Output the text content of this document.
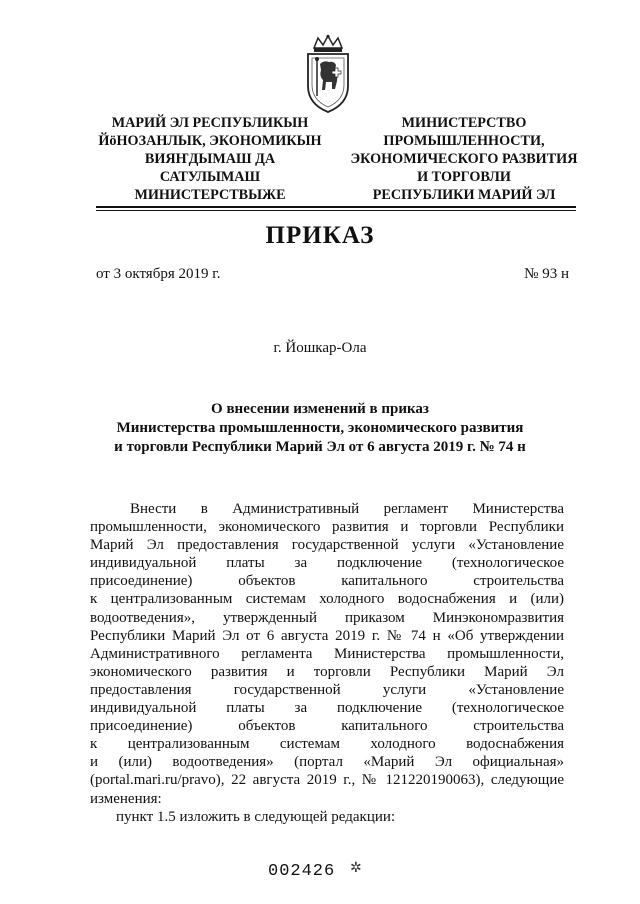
МАРИЙ ЭЛ РЕСПУБЛИКЫН
ЙӧНОЗАНЛЫК, ЭКОНОМИКЫН
ВИЯҤДЫМАШ ДА
САТУЛЫМАШ
МИНИСТЕРСТВЫЖЕ
МИНИСТЕРСТВО
ПРОМЫШЛЕННОСТИ,
ЭКОНОМИЧЕСКОГО РАЗВИТИЯ
И ТОРГОВЛИ
РЕСПУБЛИКИ МАРИЙ ЭЛ
ПРИКАЗ
от 3 октября 2019 г.	№ 93 н
г. Йошкар-Ола
О внесении изменений в приказ
Министерства промышленности, экономического развития
и торговли Республики Марий Эл от 6 августа 2019 г. № 74 н
Внести в Административный регламент Министерства
промышленности, экономического развития и торговли Республики
Марий Эл предоставления государственной услуги «Установление
индивидуальной платы за подключение (технологическое
присоединение) объектов капитального строительства
к централизованным системам холодного водоснабжения и (или)
водоотведения», утвержденный приказом Минэкономразвития
Республики Марий Эл от 6 августа 2019 г. № 74 н «Об утверждении
Административного регламента Министерства промышленности,
экономического развития и торговли Республики Марий Эл
предоставления государственной услуги «Установление
индивидуальной платы за подключение (технологическое
присоединение) объектов капитального строительства
к централизованным системам холодного водоснабжения
и (или) водоотведения» (портал «Марий Эл официальная»
(portal.mari.ru/pravo), 22 августа 2019 г., № 121220190063), следующие
изменения:
пункт 1.5 изложить в следующей редакции:
002426 ✲
